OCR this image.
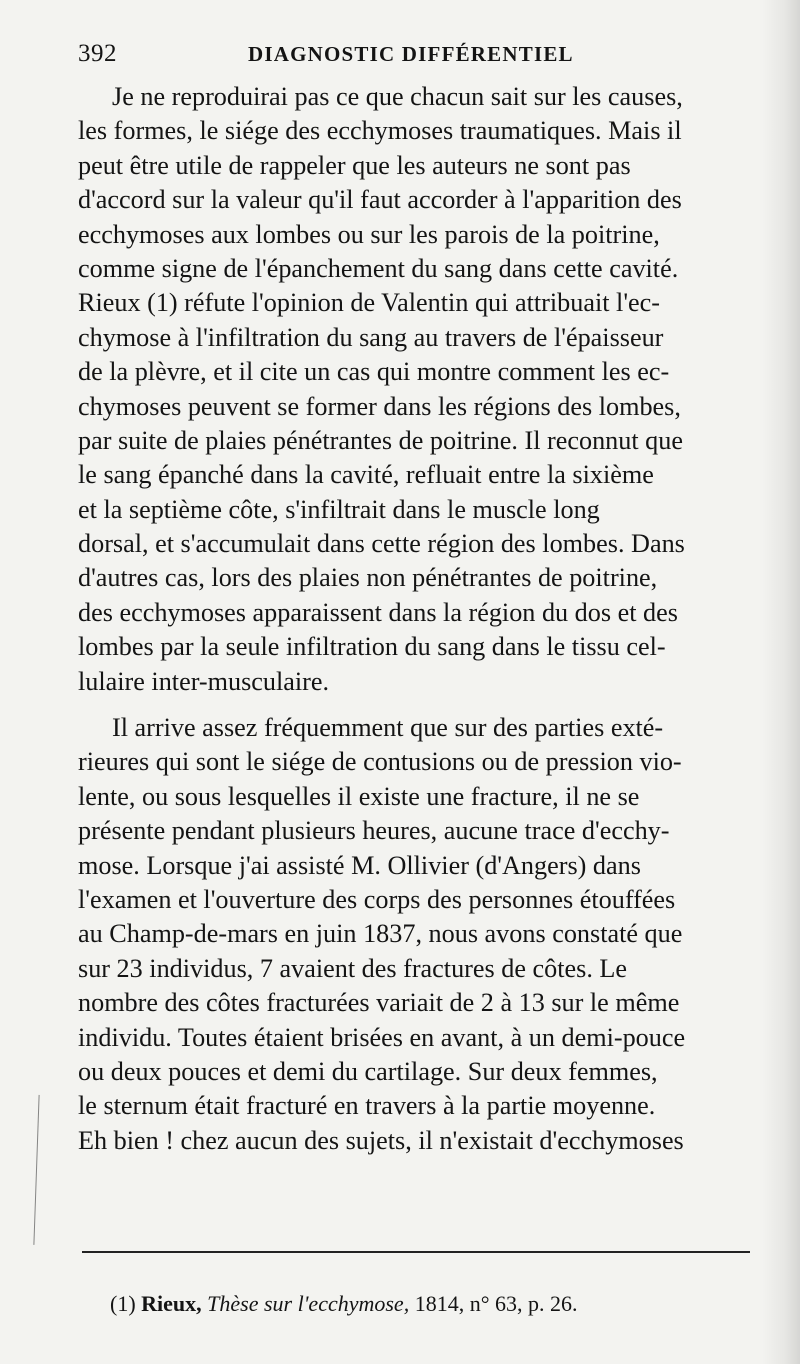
392	DIAGNOSTIC DIFFÉRENTIEL
Je ne reproduirai pas ce que chacun sait sur les causes,
les formes, le siége des ecchymoses traumatiques. Mais il
peut être utile de rappeler que les auteurs ne sont pas
d'accord sur la valeur qu'il faut accorder à l'apparition des
ecchymoses aux lombes ou sur les parois de la poitrine,
comme signe de l'épanchement du sang dans cette cavité.
Rieux (1) réfute l'opinion de Valentin qui attribuait l'ec-
chymose à l'infiltration du sang au travers de l'épaisseur
de la plèvre, et il cite un cas qui montre comment les ec-
chymoses peuvent se former dans les régions des lombes,
par suite de plaies pénétrantes de poitrine. Il reconnut que
le sang épanché dans la cavité, refluait entre la sixième
et la septième côte, s'infiltrait dans le muscle long
dorsal, et s'accumulait dans cette région des lombes. Dans
d'autres cas, lors des plaies non pénétrantes de poitrine,
des ecchymoses apparaissent dans la région du dos et des
lombes par la seule infiltration du sang dans le tissu cel-
lulaire inter-musculaire.
Il arrive assez fréquemment que sur des parties exté-
rieures qui sont le siége de contusions ou de pression vio-
lente, ou sous lesquelles il existe une fracture, il ne se
présente pendant plusieurs heures, aucune trace d'ecchy-
mose. Lorsque j'ai assisté M. Ollivier (d'Angers) dans
l'examen et l'ouverture des corps des personnes étouffées
au Champ-de-mars en juin 1837, nous avons constaté que
sur 23 individus, 7 avaient des fractures de côtes. Le
nombre des côtes fracturées variait de 2 à 13 sur le même
individu. Toutes étaient brisées en avant, à un demi-pouce
ou deux pouces et demi du cartilage. Sur deux femmes,
le sternum était fracturé en travers à la partie moyenne.
Eh bien ! chez aucun des sujets, il n'existait d'ecchymoses
(1) Rieux, Thèse sur l'ecchymose, 1814, n° 63, p. 26.
